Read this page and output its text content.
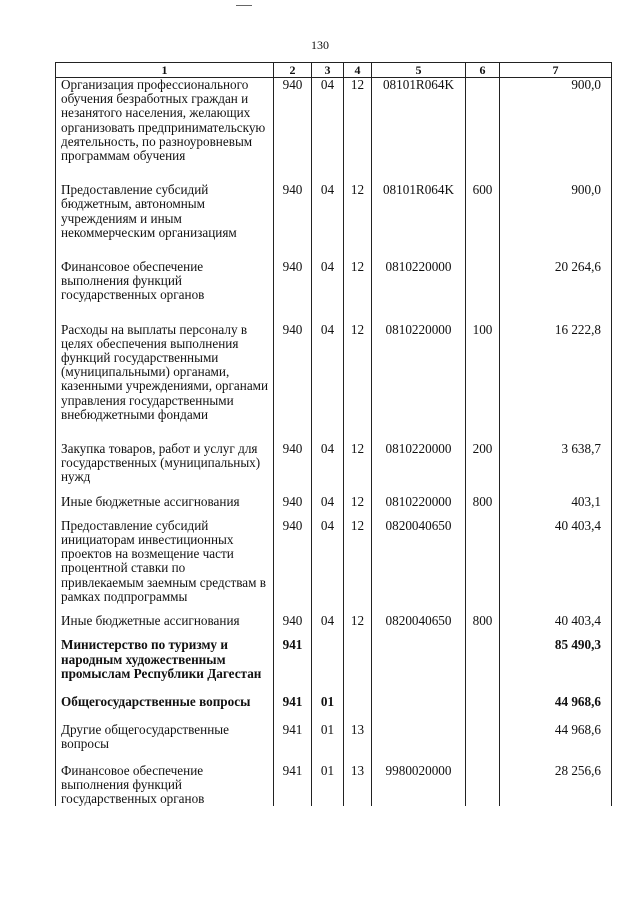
130
1	2	3	4	5	6	7
Организация профессионального обучения безработных граждан и незанятого населения, желающих организовать предпринимательскую деятельность, по разноуровневым программам обучения	940	04	12	08101R064K		900,0
Предоставление субсидий бюджетным, автономным учреждениям и иным некоммерческим организациям	940	04	12	08101R064K	600	900,0
Финансовое обеспечение выполнения функций государственных органов	940	04	12	0810220000		20 264,6
Расходы на выплаты персоналу в целях обеспечения выполнения функций государственными (муниципальными) органами, казенными учреждениями, органами управления государственными внебюджетными фондами	940	04	12	0810220000	100	16 222,8
Закупка товаров, работ и услуг для государственных (муниципальных) нужд	940	04	12	0810220000	200	3 638,7
Иные бюджетные ассигнования	940	04	12	0810220000	800	403,1
Предоставление субсидий инициаторам инвестиционных проектов на возмещение части процентной ставки по привлекаемым заемным средствам в рамках подпрограммы	940	04	12	0820040650		40 403,4
Иные бюджетные ассигнования	940	04	12	0820040650	800	40 403,4
Министерство по туризму и народным художественным промыслам Республики Дагестан	941					85 490,3
Общегосударственные вопросы	941	01				44 968,6
Другие общегосударственные вопросы	941	01	13			44 968,6
Финансовое обеспечение выполнения функций государственных органов	941	01	13	9980020000		28 256,6
